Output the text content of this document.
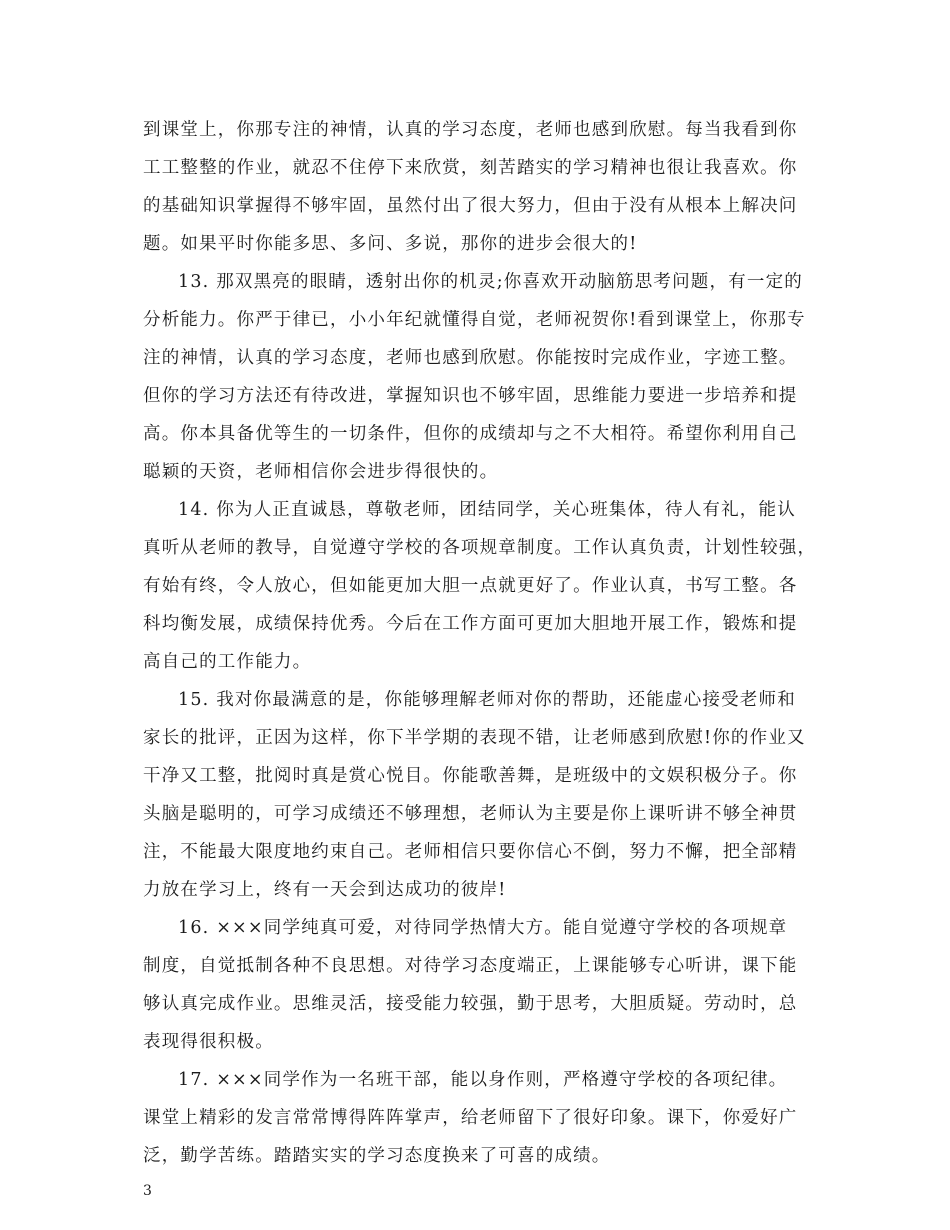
到课堂上，你那专注的神情，认真的学习态度，老师也感到欣慰。每当我看到你
工工整整的作业，就忍不住停下来欣赏，刻苦踏实的学习精神也很让我喜欢。你
的基础知识掌握得不够牢固，虽然付出了很大努力，但由于没有从根本上解决问
题。如果平时你能多思、多问、多说，那你的进步会很大的!
13. 那双黑亮的眼睛，透射出你的机灵;你喜欢开动脑筋思考问题，有一定的
分析能力。你严于律已，小小年纪就懂得自觉，老师祝贺你!看到课堂上，你那专
注的神情，认真的学习态度，老师也感到欣慰。你能按时完成作业，字迹工整。
但你的学习方法还有待改进，掌握知识也不够牢固，思维能力要进一步培养和提
高。你本具备优等生的一切条件，但你的成绩却与之不大相符。希望你利用自己
聪颖的天资，老师相信你会进步得很快的。
14. 你为人正直诚恳，尊敬老师，团结同学，关心班集体，待人有礼，能认
真听从老师的教导，自觉遵守学校的各项规章制度。工作认真负责，计划性较强，
有始有终，令人放心，但如能更加大胆一点就更好了。作业认真，书写工整。各
科均衡发展，成绩保持优秀。今后在工作方面可更加大胆地开展工作，锻炼和提
高自己的工作能力。
15. 我对你最满意的是，你能够理解老师对你的帮助，还能虚心接受老师和
家长的批评，正因为这样，你下半学期的表现不错，让老师感到欣慰!你的作业又
干净又工整，批阅时真是赏心悦目。你能歌善舞，是班级中的文娱积极分子。你
头脑是聪明的，可学习成绩还不够理想，老师认为主要是你上课听讲不够全神贯
注，不能最大限度地约束自己。老师相信只要你信心不倒，努力不懈，把全部精
力放在学习上，终有一天会到达成功的彼岸!
16. ×××同学纯真可爱，对待同学热情大方。能自觉遵守学校的各项规章
制度，自觉抵制各种不良思想。对待学习态度端正，上课能够专心听讲，课下能
够认真完成作业。思维灵活，接受能力较强，勤于思考，大胆质疑。劳动时，总
表现得很积极。
17. ×××同学作为一名班干部，能以身作则，严格遵守学校的各项纪律。
课堂上精彩的发言常常博得阵阵掌声，给老师留下了很好印象。课下，你爱好广
泛，勤学苦练。踏踏实实的学习态度换来了可喜的成绩。
3
